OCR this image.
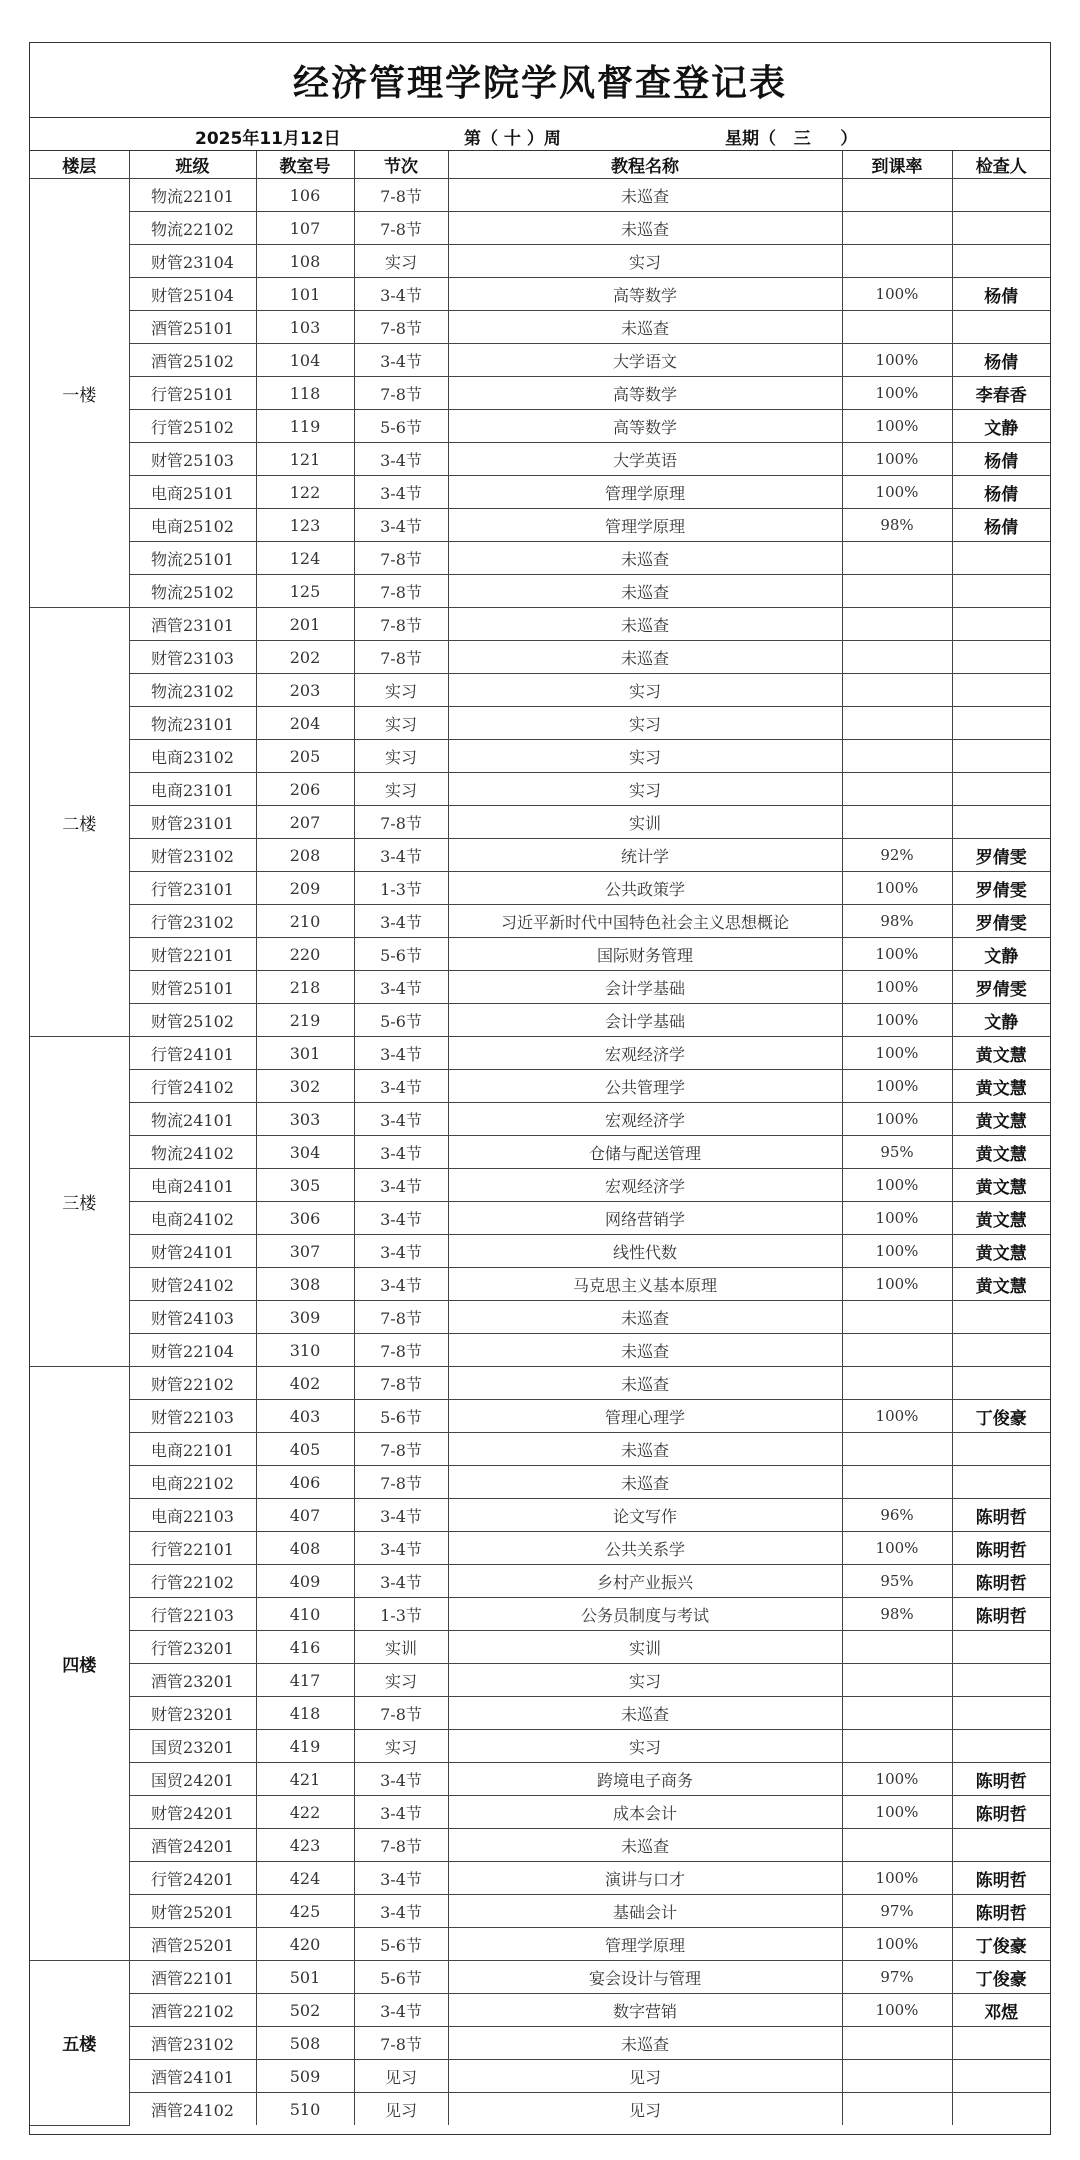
经济管理学院学风督查登记表
2025年11月12日	第（ 十 ）周	星期（   三     ）
楼层	班级	教室号	节次	教程名称	到课率	检查人
一楼	物流22101	106	7-8节	未巡查		
	物流22102	107	7-8节	未巡查		
	财管23104	108	实习	实习		
	财管25104	101	3-4节	高等数学	100%	杨倩
	酒管25101	103	7-8节	未巡查		
	酒管25102	104	3-4节	大学语文	100%	杨倩
	行管25101	118	7-8节	高等数学	100%	李春香
	行管25102	119	5-6节	高等数学	100%	文静
	财管25103	121	3-4节	大学英语	100%	杨倩
	电商25101	122	3-4节	管理学原理	100%	杨倩
	电商25102	123	3-4节	管理学原理	98%	杨倩
	物流25101	124	7-8节	未巡查		
	物流25102	125	7-8节	未巡查		
二楼	酒管23101	201	7-8节	未巡查		
	财管23103	202	7-8节	未巡查		
	物流23102	203	实习	实习		
	物流23101	204	实习	实习		
	电商23102	205	实习	实习		
	电商23101	206	实习	实习		
	财管23101	207	7-8节	实训		
	财管23102	208	3-4节	统计学	92%	罗倩雯
	行管23101	209	1-3节	公共政策学	100%	罗倩雯
	行管23102	210	3-4节	习近平新时代中国特色社会主义思想概论	98%	罗倩雯
	财管22101	220	5-6节	国际财务管理	100%	文静
	财管25101	218	3-4节	会计学基础	100%	罗倩雯
	财管25102	219	5-6节	会计学基础	100%	文静
三楼	行管24101	301	3-4节	宏观经济学	100%	黄文慧
	行管24102	302	3-4节	公共管理学	100%	黄文慧
	物流24101	303	3-4节	宏观经济学	100%	黄文慧
	物流24102	304	3-4节	仓储与配送管理	95%	黄文慧
	电商24101	305	3-4节	宏观经济学	100%	黄文慧
	电商24102	306	3-4节	网络营销学	100%	黄文慧
	财管24101	307	3-4节	线性代数	100%	黄文慧
	财管24102	308	3-4节	马克思主义基本原理	100%	黄文慧
	财管24103	309	7-8节	未巡查		
	财管22104	310	7-8节	未巡查		
四楼	财管22102	402	7-8节	未巡查		
	财管22103	403	5-6节	管理心理学	100%	丁俊豪
	电商22101	405	7-8节	未巡查		
	电商22102	406	7-8节	未巡查		
	电商22103	407	3-4节	论文写作	96%	陈明哲
	行管22101	408	3-4节	公共关系学	100%	陈明哲
	行管22102	409	3-4节	乡村产业振兴	95%	陈明哲
	行管22103	410	1-3节	公务员制度与考试	98%	陈明哲
	行管23201	416	实训	实训		
	酒管23201	417	实习	实习		
	财管23201	418	7-8节	未巡查		
	国贸23201	419	实习	实习		
	国贸24201	421	3-4节	跨境电子商务	100%	陈明哲
	财管24201	422	3-4节	成本会计	100%	陈明哲
	酒管24201	423	7-8节	未巡查		
	行管24201	424	3-4节	演讲与口才	100%	陈明哲
	财管25201	425	3-4节	基础会计	97%	陈明哲
	酒管25201	420	5-6节	管理学原理	100%	丁俊豪
五楼	酒管22101	501	5-6节	宴会设计与管理	97%	丁俊豪
	酒管22102	502	3-4节	数字营销	100%	邓煜
	酒管23102	508	7-8节	未巡查		
	酒管24101	509	见习	见习		
	酒管24102	510	见习	见习		
